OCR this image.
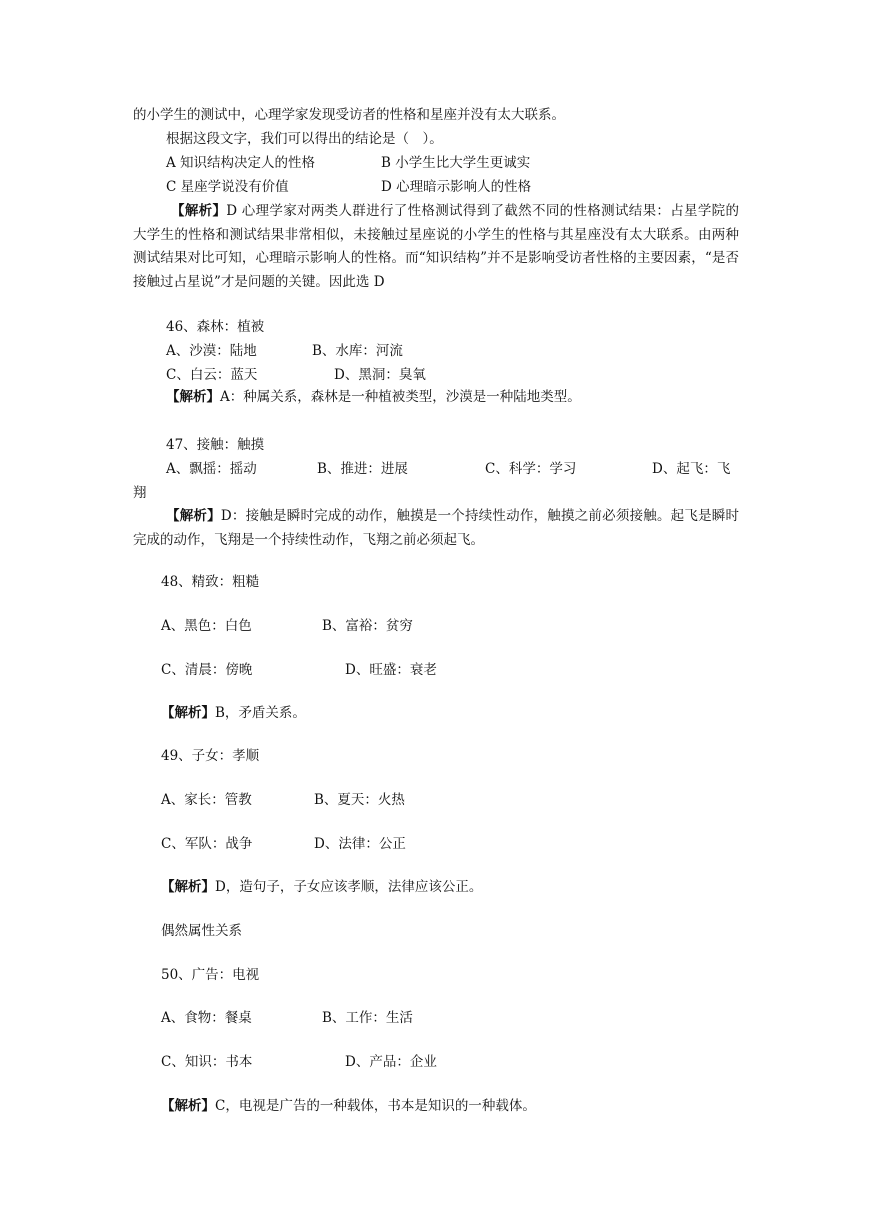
的小学生的测试中，心理学家发现受访者的性格和星座并没有太大联系。
根据这段文字，我们可以得出的结论是（　）。
A 知识结构决定人的性格	B 小学生比大学生更诚实
C 星座学说没有价值	D 心理暗示影响人的性格
【解析】D 心理学家对两类人群进行了性格测试得到了截然不同的性格测试结果：占星学院的大学生的性格和测试结果非常相似，未接触过星座说的小学生的性格与其星座没有太大联系。由两种测试结果对比可知，心理暗示影响人的性格。而“知识结构”并不是影响受访者性格的主要因素，“是否接触过占星说”才是问题的关键。因此选 D
46、森林：植被
A、沙漠：陆地	B、水库：河流
C、白云：蓝天	D、黑洞：臭氧
【解析】A：种属关系，森林是一种植被类型，沙漠是一种陆地类型。
47、接触：触摸
A、飘摇：摇动	B、推进：进展	C、科学：学习	D、起飞：飞
翔
【解析】D：接触是瞬时完成的动作，触摸是一个持续性动作，触摸之前必须接触。起飞是瞬时完成的动作，飞翔是一个持续性动作，飞翔之前必须起飞。
48、精致：粗糙
A、黑色：白色	B、富裕：贫穷
C、清晨：傍晚	D、旺盛：衰老
【解析】B，矛盾关系。
49、子女：孝顺
A、家长：管教	B、夏天：火热
C、军队：战争	D、法律：公正
【解析】D，造句子，子女应该孝顺，法律应该公正。
偶然属性关系
50、广告：电视
A、食物：餐桌	B、工作：生活
C、知识：书本	D、产品：企业
【解析】C，电视是广告的一种载体，书本是知识的一种载体。
